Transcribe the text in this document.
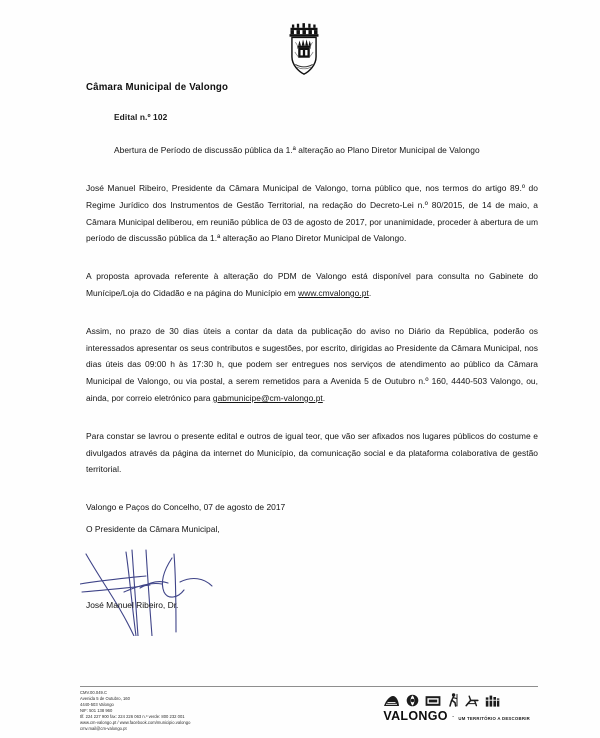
Câmara Municipal de Valongo
Edital n.º 102
Abertura de Período de discussão pública da 1.ª alteração ao Plano Diretor Municipal de Valongo

José Manuel Ribeiro, Presidente da Câmara Municipal de Valongo, torna público que, nos termos do artigo 89.º do Regime Jurídico dos Instrumentos de Gestão Territorial, na redação do Decreto-Lei n.º 80/2015, de 14 de maio, a Câmara Municipal deliberou, em reunião pública de 03 de agosto de 2017, por unanimidade, proceder à abertura de um período de discussão pública da 1.ª alteração ao Plano Diretor Municipal de Valongo.

A proposta aprovada referente à alteração do PDM de Valongo está disponível para consulta no Gabinete do Munícipe/Loja do Cidadão e na página do Município em www.cmvalongo.pt.

Assim, no prazo de 30 dias úteis a contar da data da publicação do aviso no Diário da República, poderão os interessados apresentar os seus contributos e sugestões, por escrito, dirigidas ao Presidente da Câmara Municipal, nos dias úteis das 09:00 h às 17:30 h, que podem ser entregues nos serviços de atendimento ao público da Câmara Municipal de Valongo, ou via postal, a serem remetidos para a Avenida 5 de Outubro n.º 160, 4440-503 Valongo, ou, ainda, por correio eletrónico para gabmunicipe@cm-valongo.pt.

Para constar se lavrou o presente edital e outros de igual teor, que vão ser afixados nos lugares públicos do costume e divulgados através da página da internet do Município, da comunicação social e da plataforma colaborativa de gestão territorial.

Valongo e Paços do Concelho, 07 de agosto de 2017
O Presidente da Câmara Municipal,
José Manuel Ribeiro, Dr.
CMV.00.049.C
Avenida 5 de Outubro, 160
4440-503 Valongo
NIF: 501 138 960
tlf. 224 227 900 fax: 224 226 063 n.º verde: 800 232 001
www.cm-valongo.pt / www.facebook.com/municipio.valongo
cmv.mail@cm-valongo.pt
VALONGO · UM TERRITÓRIO A DESCOBRIR
